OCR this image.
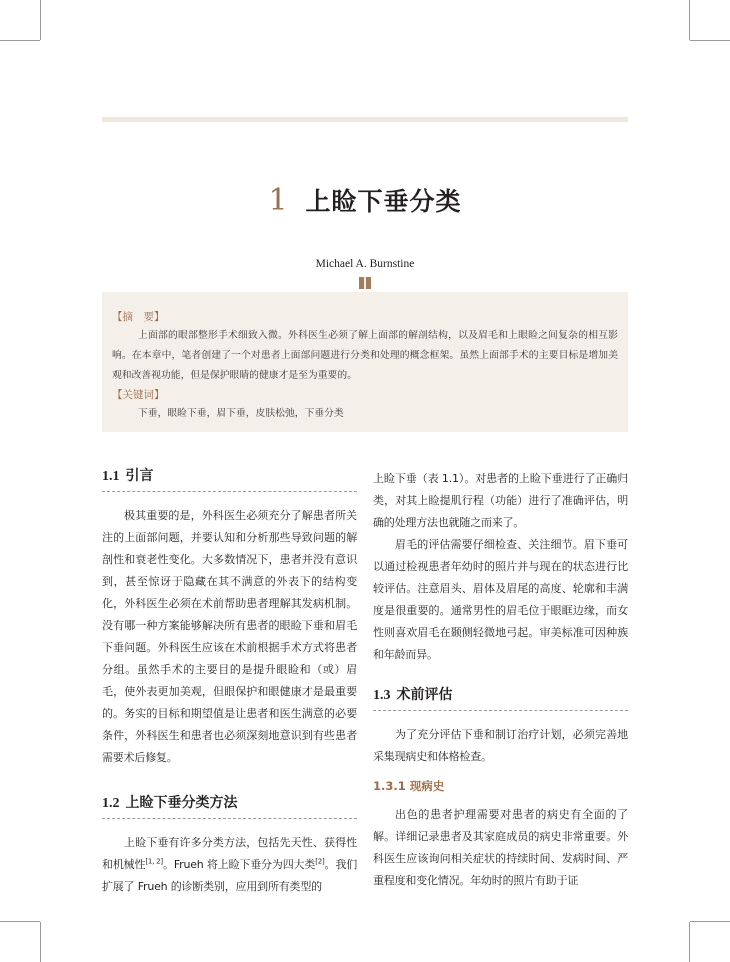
1 上睑下垂分类
Michael A. Burnstine
【摘　要】

上面部的眼部整形手术细致入微。外科医生必须了解上面部的解剖结构，以及眉毛和上眼睑之间复杂的相互影响。在本章中，笔者创建了一个对患者上面部问题进行分类和处理的概念框架。虽然上面部手术的主要目标是增加美观和改善视功能，但是保护眼睛的健康才是至为重要的。

【关键词】

下垂，眼睑下垂，眉下垂，皮肤松弛，下垂分类

1.1 引言

极其重要的是，外科医生必须充分了解患者所关注的上面部问题，并要认知和分析那些导致问题的解剖性和衰老性变化。大多数情况下，患者并没有意识到，甚至惊讶于隐藏在其不满意的外表下的结构变化，外科医生必须在术前帮助患者理解其发病机制。没有哪一种方案能够解决所有患者的眼睑下垂和眉毛下垂问题。外科医生应该在术前根据手术方式将患者分组。虽然手术的主要目的是提升眼睑和（或）眉毛，使外表更加美观，但眼保护和眼健康才是最重要的。务实的目标和期望值是让患者和医生满意的必要条件，外科医生和患者也必须深刻地意识到有些患者需要术后修复。

1.2 上睑下垂分类方法

上睑下垂有许多分类方法，包括先天性、获得性和机械性[1, 2]。Frueh 将上睑下垂分为四大类[2]。我们扩展了 Frueh 的诊断类别，应用到所有类型的

上睑下垂（表 1.1）。对患者的上睑下垂进行了正确归类，对其上睑提肌行程（功能）进行了准确评估，明确的处理方法也就随之而来了。

眉毛的评估需要仔细检查、关注细节。眉下垂可以通过检视患者年幼时的照片并与现在的状态进行比较评估。注意眉头、眉体及眉尾的高度、轮廓和丰满度是很重要的。通常男性的眉毛位于眼眶边缘，而女性则喜欢眉毛在颞侧轻微地弓起。审美标准可因种族和年龄而异。

1.3 术前评估

为了充分评估下垂和制订治疗计划，必须完善地采集现病史和体格检查。

1.3.1 现病史

出色的患者护理需要对患者的病史有全面的了解。详细记录患者及其家庭成员的病史非常重要。外科医生应该询问相关症状的持续时间、发病时间、严重程度和变化情况。年幼时的照片有助于证
